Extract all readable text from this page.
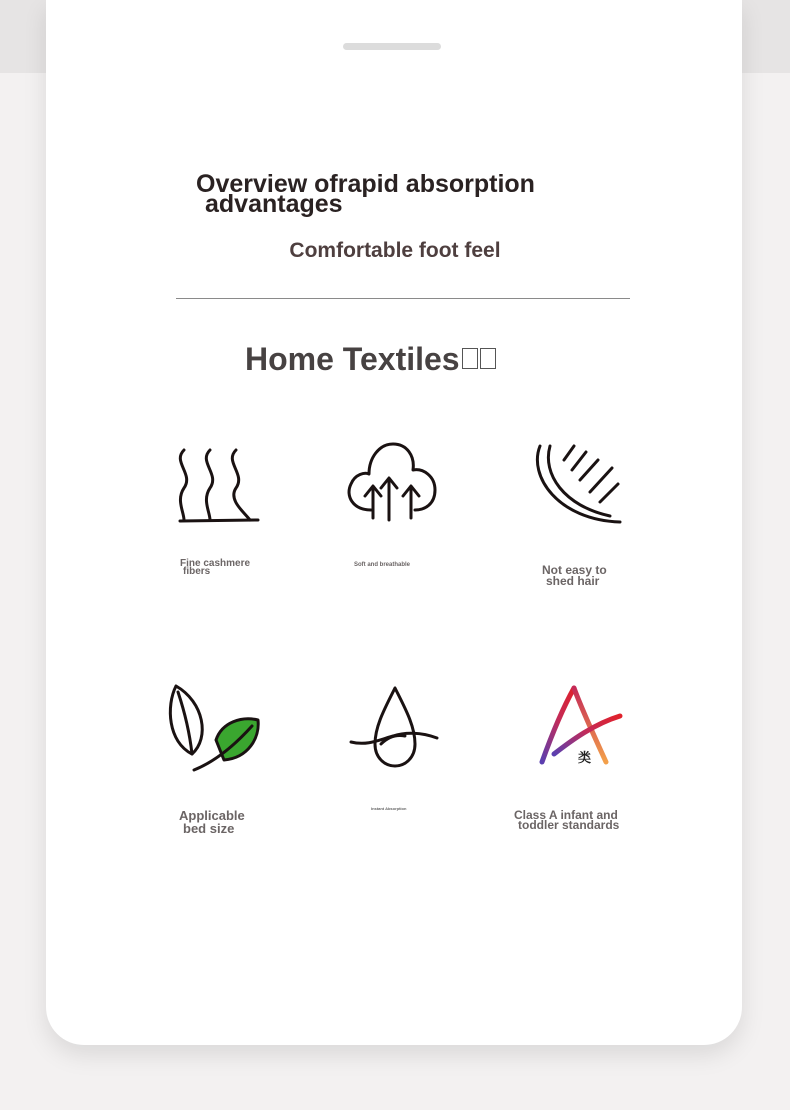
Overview ofrapid absorption
advantages
Comfortable foot feel
Home Textiles
Fine cashmere
fibers
Soft and breathable	Not easy to
shed hair
Applicable
bed size
Instant Absorption
类
Class A infant and
toddler standards
